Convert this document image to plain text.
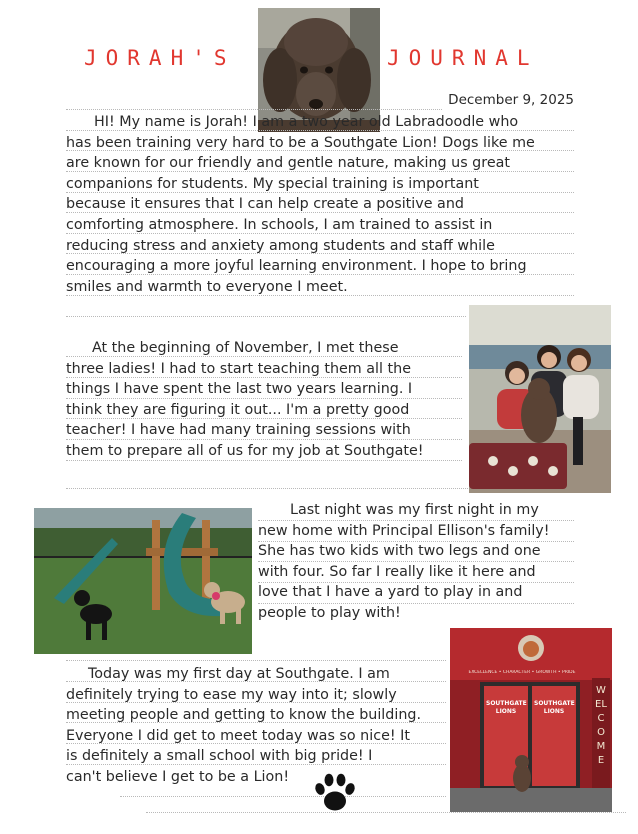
JORAH'S	JOURNAL
December 9, 2025
HI! My name is Jorah! I am a two year old Labradoodle who
has been training very hard to be a Southgate Lion! Dogs like me
are known for our friendly and gentle nature, making us great
companions for students. My special training is important
because it ensures that I can help create a positive and
comforting atmosphere. In schools, I am trained to assist in
reducing stress and anxiety among students and staff while
encouraging a more joyful learning environment. I hope to bring
smiles and warmth to everyone I meet.
At the beginning of November, I met these
three ladies! I had to start teaching them all the
things I have spent the last two years learning. I
think they are figuring it out... I'm a pretty good
teacher! I have had many training sessions with
them to prepare all of us for my job at Southgate!
Last night was my first night in my
new home with Principal Ellison's family!
She has two kids with two legs and one
with four. So far I really like it here and
love that I have a yard to play in and
people to play with!
Today was my first day at Southgate. I am
definitely trying to ease my way into it; slowly
meeting people and getting to know the building.
Everyone I did get to meet today was so nice! It
is definitely a small school with big pride! I
can't believe I get to be a Lion!
EXCELLENCE • CHARACTER • GROWTH • PRIDE
SOUTHGATE LIONS
SOUTHGATE LIONS
WELCOME
